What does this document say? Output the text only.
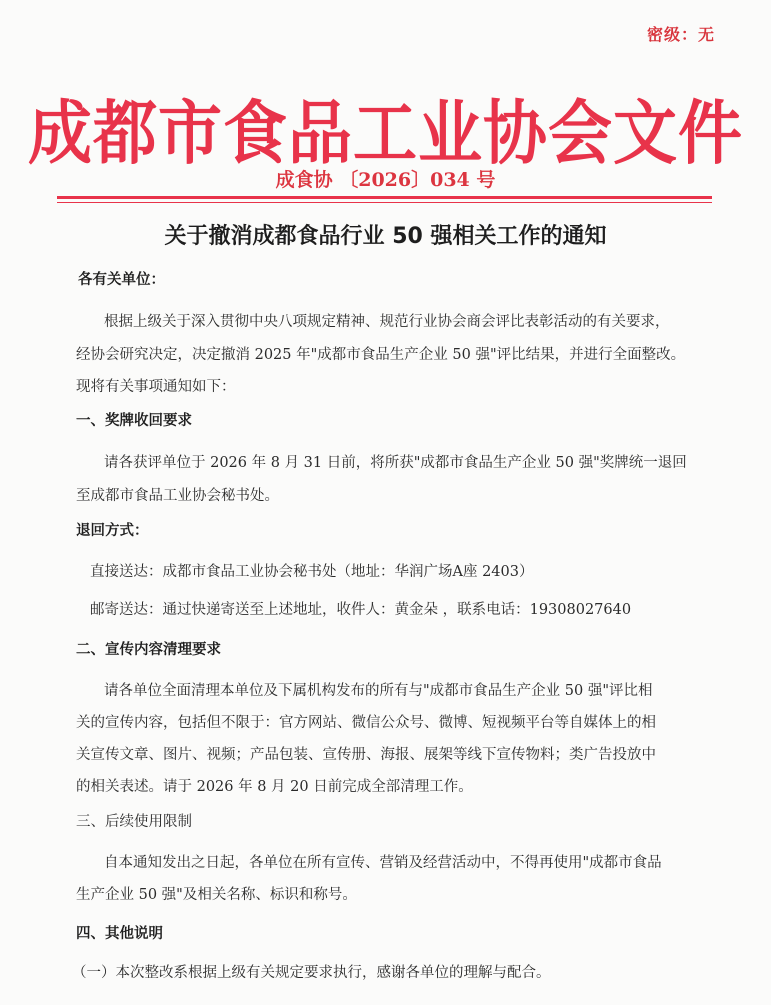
密级：无
成都市食品工业协会文件
成食协 〔2026〕034 号
关于撤消成都食品行业 50 强相关工作的通知
各有关单位：
根据上级关于深入贯彻中央八项规定精神、规范行业协会商会评比表彰活动的有关要求，
经协会研究决定，决定撤消 2025 年"成都市食品生产企业 50 强"评比结果，并进行全面整改。
现将有关事项通知如下：
一、奖牌收回要求
请各获评单位于 2026 年 8 月 31 日前，将所获"成都市食品生产企业 50 强"奖牌统一退回
至成都市食品工业协会秘书处。
退回方式：
直接送达：成都市食品工业协会秘书处（地址：华润广场A座 2403）
邮寄送达：通过快递寄送至上述地址，收件人：黄金朵 ，联系电话：19308027640
二、宣传内容清理要求
请各单位全面清理本单位及下属机构发布的所有与"成都市食品生产企业 50 强"评比相
关的宣传内容，包括但不限于：官方网站、微信公众号、微博、短视频平台等自媒体上的相
关宣传文章、图片、视频；产品包装、宣传册、海报、展架等线下宣传物料；类广告投放中
的相关表述。请于 2026 年 8 月 20 日前完成全部清理工作。
三、后续使用限制
自本通知发出之日起，各单位在所有宣传、营销及经营活动中，不得再使用"成都市食品
生产企业 50 强"及相关名称、标识和称号。
四、其他说明
（一）本次整改系根据上级有关规定要求执行，感谢各单位的理解与配合。
